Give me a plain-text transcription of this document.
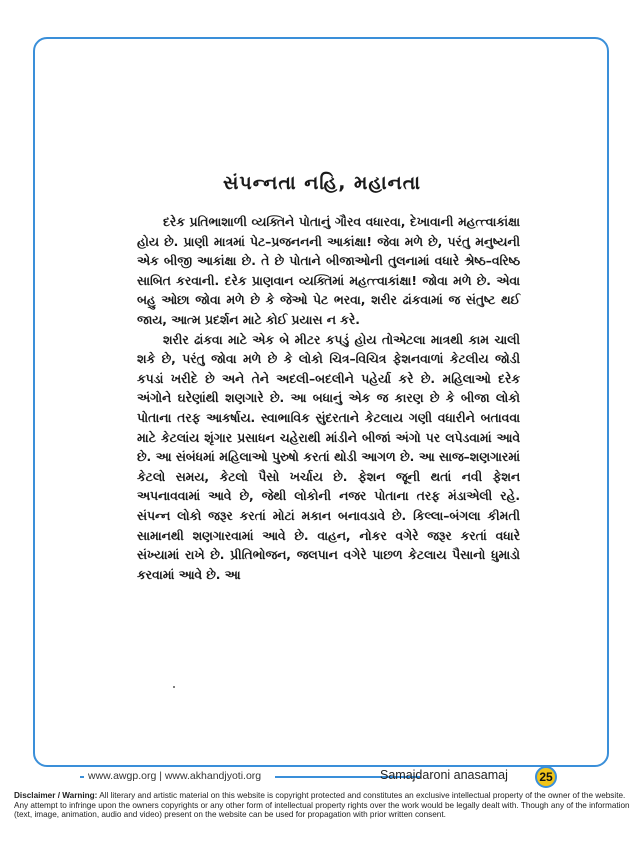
સંપન્નતા નહિ, મહાનતા

દરેક પ્રતિભાશાળી વ્યક્તિને પોતાનું ગૌરવ વધારવા, દેખાવાની મહત્ત્વાકાંક્ષા હોય છે. પ્રાણી માત્રમાં પેટ–પ્રજનનની આકાંક્ષા! જેવા મળે છે, પરંતુ મનુષ્યની એક બીજી આકાંક્ષા છે. તે છે પોતાને બીજાઓની તુલનામાં વધારે શ્રેષ્ઠ–વરિષ્ઠ સાબિત કરવાની. દરેક પ્રાણવાન વ્યક્તિમાં મહત્ત્વાકાંક્ષા! જોવા મળે છે. એવા બહુ ઓછા જોવા મળે છે કે જેઓ પેટ ભરવા, શરીર ઢાંકવામાં જ સંતુષ્ટ થઈ જાય, આત્મ પ્રદર્શન માટે કોઈ પ્રયાસ ન કરે.

શરીર ઢાંકવા માટે એક બે મીટર કપડું હોય તોએટલા માત્રથી કામ ચાલી શકે છે, પરંતુ જોવા મળે છે કે લોકો ચિત્ર–વિચિત્ર ફેશનવાળાં કેટલીય જોડી કપડાં ખરીદે છે અને તેને અદલી–બદલીને પહેર્યા કરે છે. મહિલાઓ દરેક અંગોને ઘરેણાંથી શણગારે છે. આ બધાનું એક જ કારણ છે કે બીજા લોકો પોતાના તરફ આકર્ષાય. સ્વાભાવિક સુંદરતાને કેટલાય ગણી વધારીને બતાવવા માટે કેટલાંય શૃંગાર પ્રસાધન ચહેરાથી માંડીને બીજાં અંગો પર લપેડવામાં આવે છે. આ સંબંધમાં મહિલાઓ પુરુષો કરતાં થોડી આગળ છે. આ સાજ–શણગારમાં કેટલો સમય, કેટલો પૈસો ખર્ચાય છે. ફેશન જૂની થતાં નવી ફેશન અપનાવવામાં આવે છે, જેથી લોકોની નજર પોતાના તરફ મંડાએલી રહે. સંપન્ન લોકો જરૂર કરતાં મોટાં મકાન બનાવડાવે છે. કિલ્લા–બંગલા કીમતી સામાનથી શણગારવામાં આવે છે. વાહન, નોકર વગેરે જરૂર કરતાં વધારે સંખ્યામાં રાખે છે. પ્રીતિભોજન, જલપાન વગેરે પાછળ કેટલાય પૈસાનો ધુમાડો કરવામાં આવે છે. આ

www.awgp.org | www.akhandjyoti.org	Samajdaroni anasamaj	25
Disclaimer / Warning: All literary and artistic material on this website is copyright protected and constitutes an exclusive intellectual property of the owner of the website. Any attempt to infringe upon the owners copyrights or any other form of intellectual property rights over the work would be legally dealt with. Though any of the information (text, image, animation, audio and video) present on the website can be used for propagation with prior written consent.
